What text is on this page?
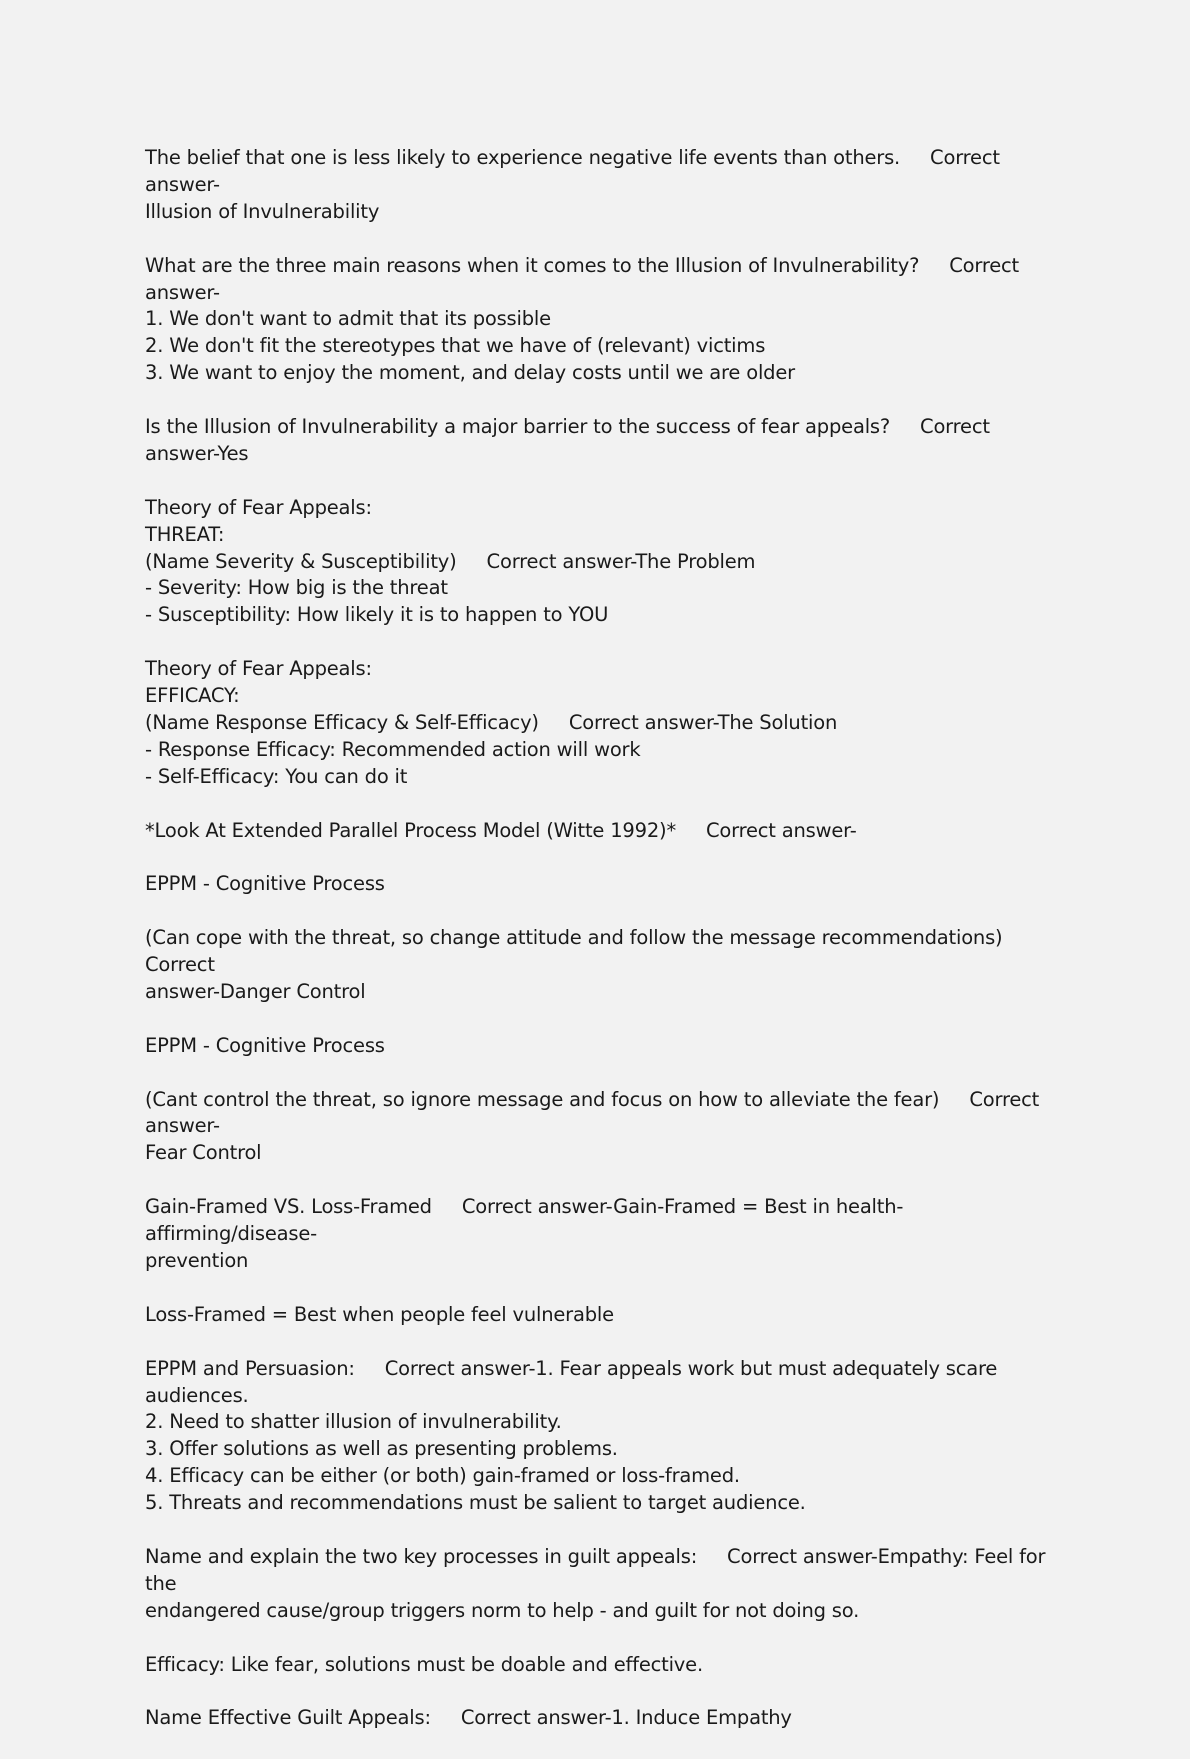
The belief that one is less likely to experience negative life events than others.     Correct answer-
Illusion of Invulnerability
What are the three main reasons when it comes to the Illusion of Invulnerability?     Correct answer-
1. We don't want to admit that its possible
2. We don't fit the stereotypes that we have of (relevant) victims
3. We want to enjoy the moment, and delay costs until we are older
Is the Illusion of Invulnerability a major barrier to the success of fear appeals?     Correct answer-Yes
Theory of Fear Appeals:
THREAT:
(Name Severity & Susceptibility)     Correct answer-The Problem
- Severity: How big is the threat
- Susceptibility: How likely it is to happen to YOU
Theory of Fear Appeals:
EFFICACY:
(Name Response Efficacy & Self-Efficacy)     Correct answer-The Solution
- Response Efficacy: Recommended action will work
- Self-Efficacy: You can do it
*Look At Extended Parallel Process Model (Witte 1992)*     Correct answer-
EPPM - Cognitive Process
(Can cope with the threat, so change attitude and follow the message recommendations)     Correct
answer-Danger Control
EPPM - Cognitive Process
(Cant control the threat, so ignore message and focus on how to alleviate the fear)     Correct answer-
Fear Control
Gain-Framed VS. Loss-Framed     Correct answer-Gain-Framed = Best in health-affirming/disease-
prevention
Loss-Framed = Best when people feel vulnerable
EPPM and Persuasion:     Correct answer-1. Fear appeals work but must adequately scare audiences.
2. Need to shatter illusion of invulnerability.
3. Offer solutions as well as presenting problems.
4. Efficacy can be either (or both) gain-framed or loss-framed.
5. Threats and recommendations must be salient to target audience.
Name and explain the two key processes in guilt appeals:     Correct answer-Empathy: Feel for the
endangered cause/group triggers norm to help - and guilt for not doing so.
Efficacy: Like fear, solutions must be doable and effective.
Name Effective Guilt Appeals:     Correct answer-1. Induce Empathy
